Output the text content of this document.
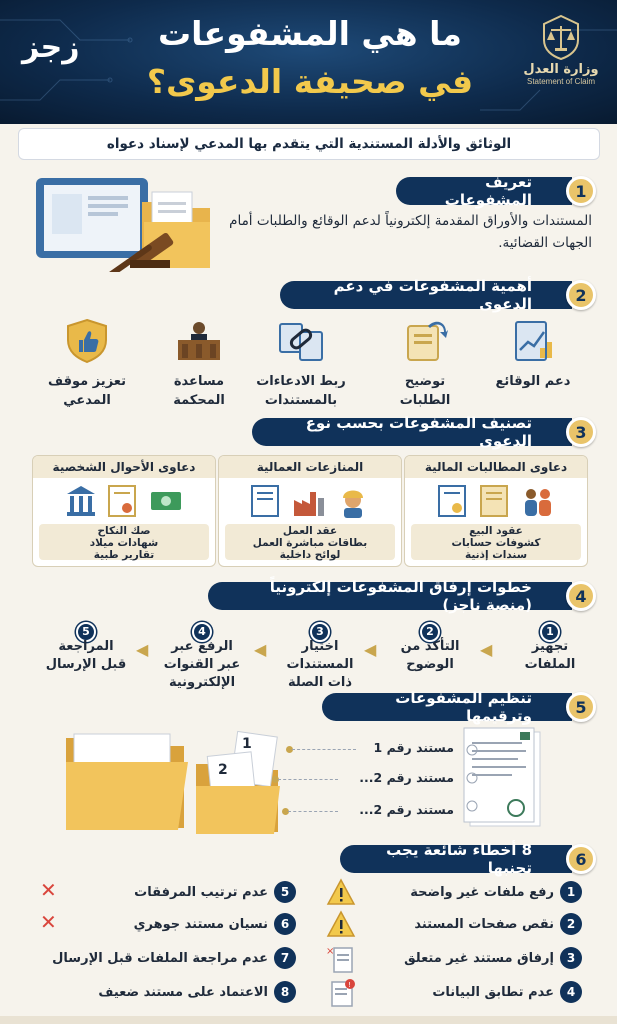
وزارة العدل
Statement of Claim
ما هي المشفوعات
في صحيفة الدعوى؟
زجز
الوثائق والأدلة المستندية التي يتقدم بها المدعي لإسناد دعواه
تعريف المشفوعات	1
المستندات والأوراق المقدمة إلكترونياً لدعم الوقائع والطلبات أمام الجهات القضائية.
أهمية المشفوعات في دعم الدعوى	2
دعم الوقائع
توضيح
الطلبات
ربط الادعاءات
بالمستندات
مساعدة
المحكمة
تعزيز موقف
المدعي
تصنيف المشفوعات بحسب نوع الدعوى	3
دعاوى المطالبات المالية
عقود البيع
كشوفات حسابات
سندات إذنية
المنازعات العمالية
عقد العمل
بطاقات مباشرة العمل
لوائح داخلية
دعاوى الأحوال الشخصية
صك النكاح
شهادات ميلاد
تقارير طبية
خطوات إرفاق المشفوعات إلكترونياً (منصة ناجز)	4
1
تجهيز
الملفات
◀
2
التأكد من
الوضوح
◀
3
اختيار
المستندات
ذات الصلة
◀
4
الرفع عبر
عبر القنوات
الإلكترونية
◀
5
المراجعة
قبل الإرسال
تنظيم المشفوعات وترقيمها	5
1
2
مستند رقم 1
مستند رقم 2...
مستند رقم 2...
8 أخطاء شائعة يجب تجنبها	6
رفع ملفات غير واضحة	1
نقص صفحات المستند	2
إرفاق مستند غير متعلق	3
عدم تطابق البيانات	4
×
!
عدم ترتيب المرفقات	5
نسيان مستند جوهري	6
عدم مراجعة الملفات قبل الإرسال	7
الاعتماد على مستند ضعيف	8
✕
✕
